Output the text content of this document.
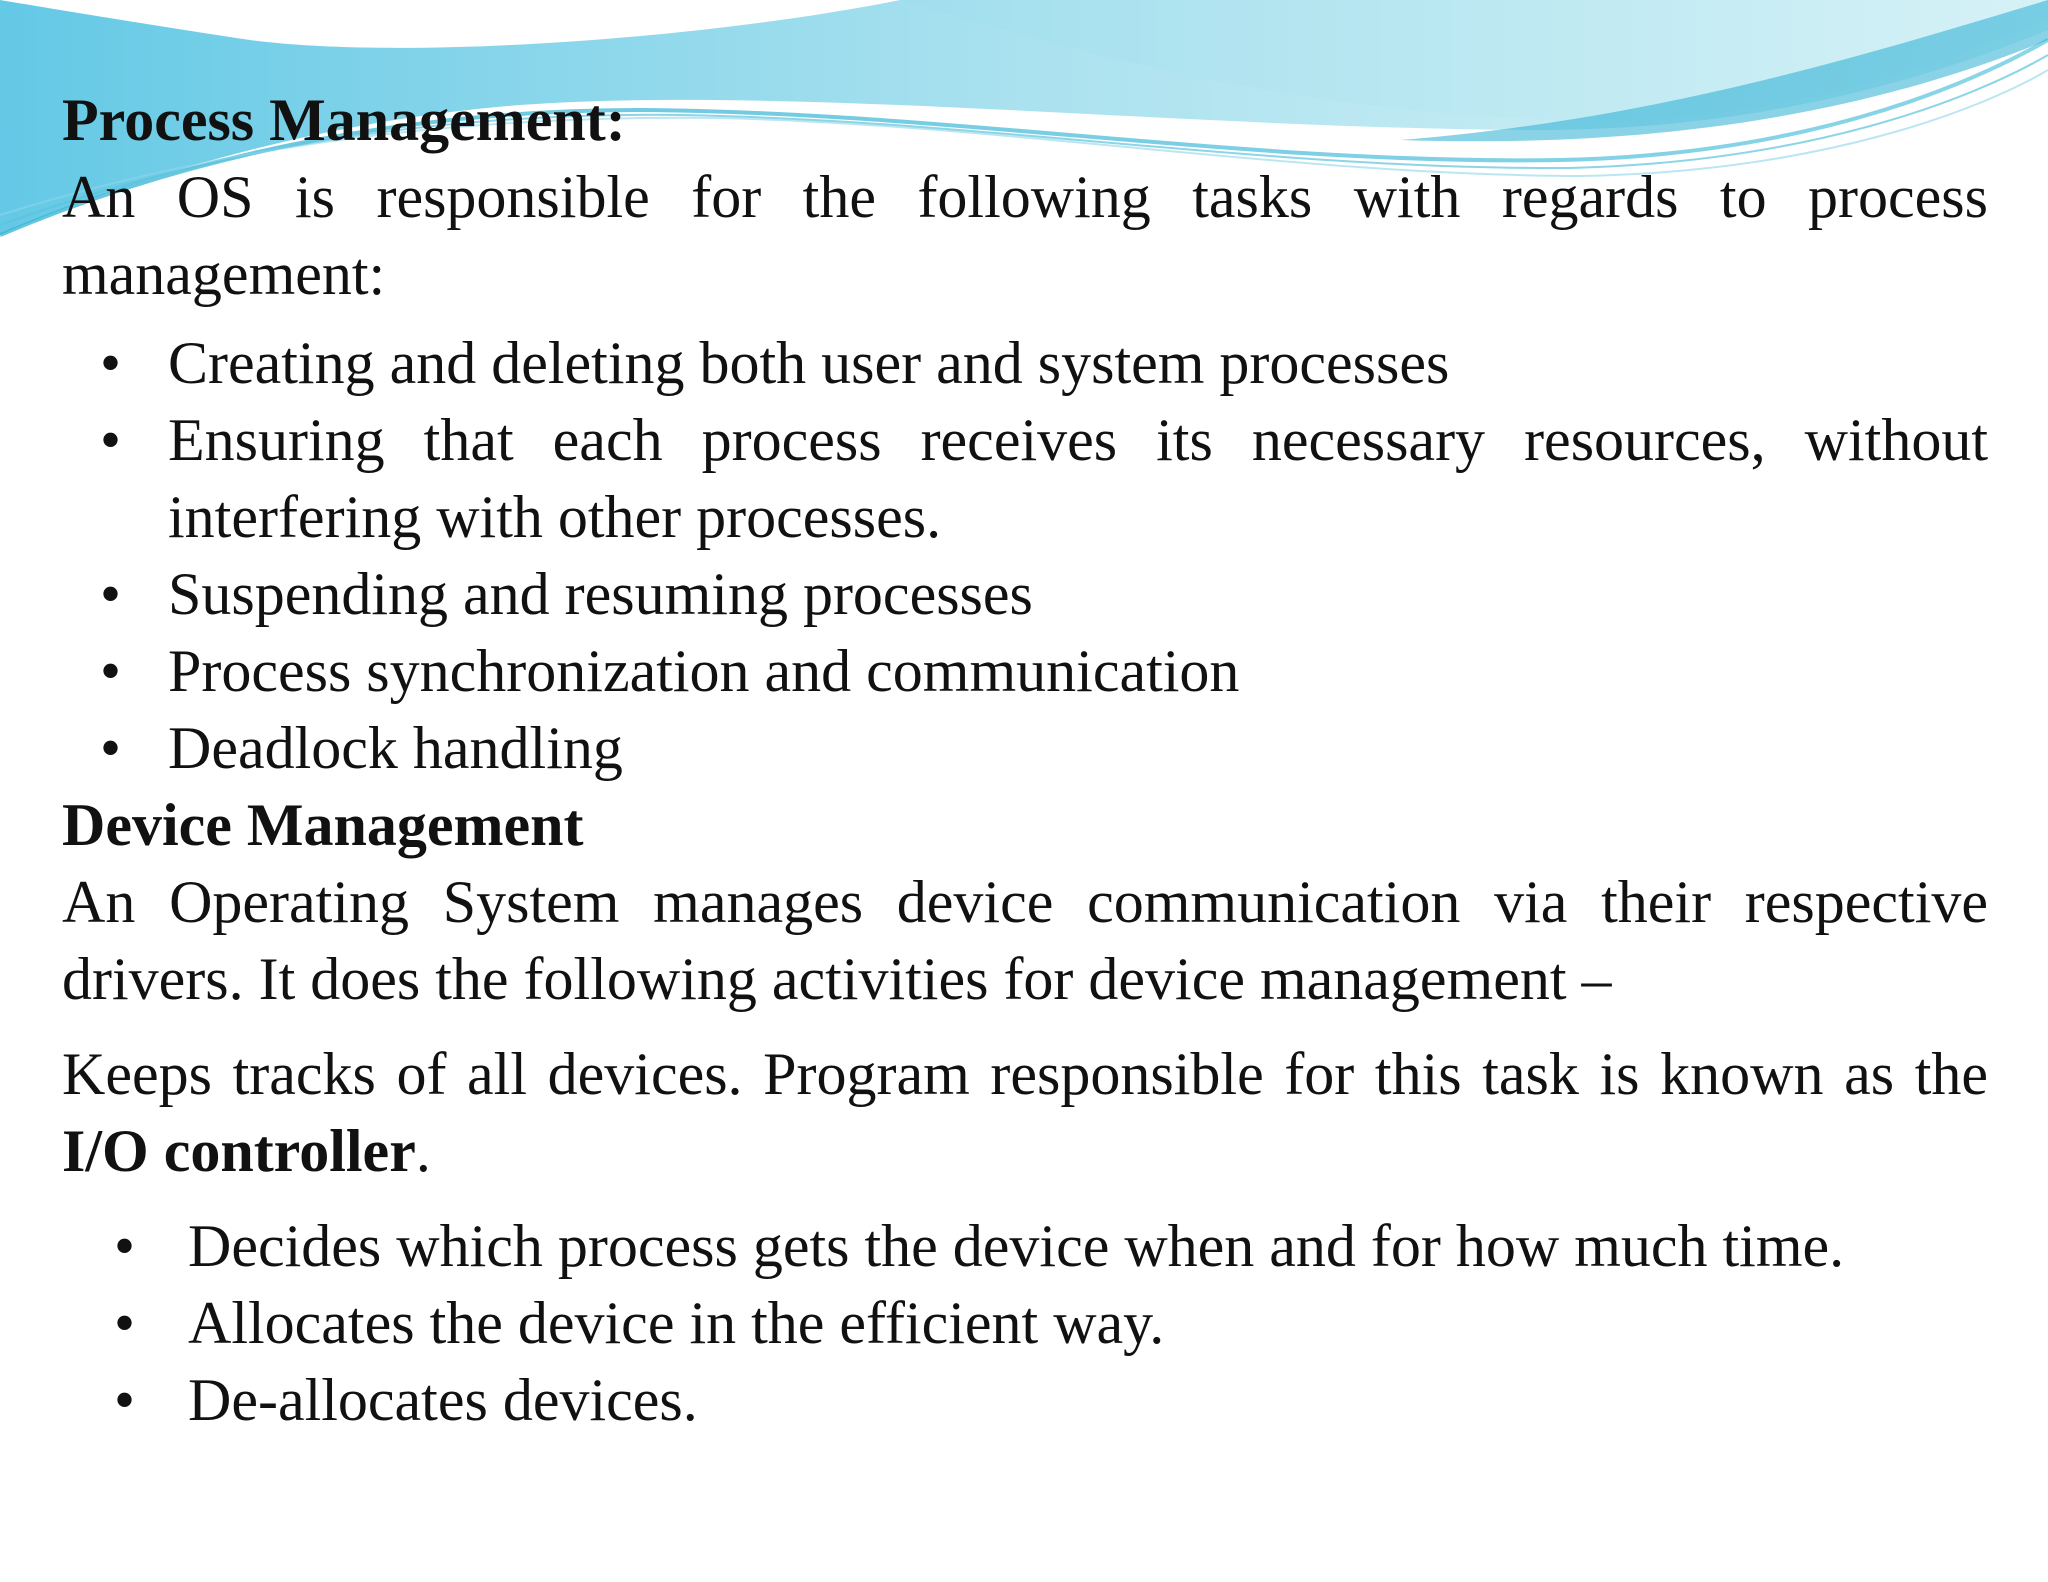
Process Management:

An OS is responsible for the following tasks with regards to process management:

• Creating and deleting both user and system processes
• Ensuring that each process receives its necessary resources, without interfering with other processes.
• Suspending and resuming processes
• Process synchronization and communication
• Deadlock handling

Device Management

An Operating System manages device communication via their respective drivers. It does the following activities for device management –

Keeps tracks of all devices. Program responsible for this task is known as the I/O controller.

• Decides which process gets the device when and for how much time.
• Allocates the device in the efficient way.
• De-allocates devices.
